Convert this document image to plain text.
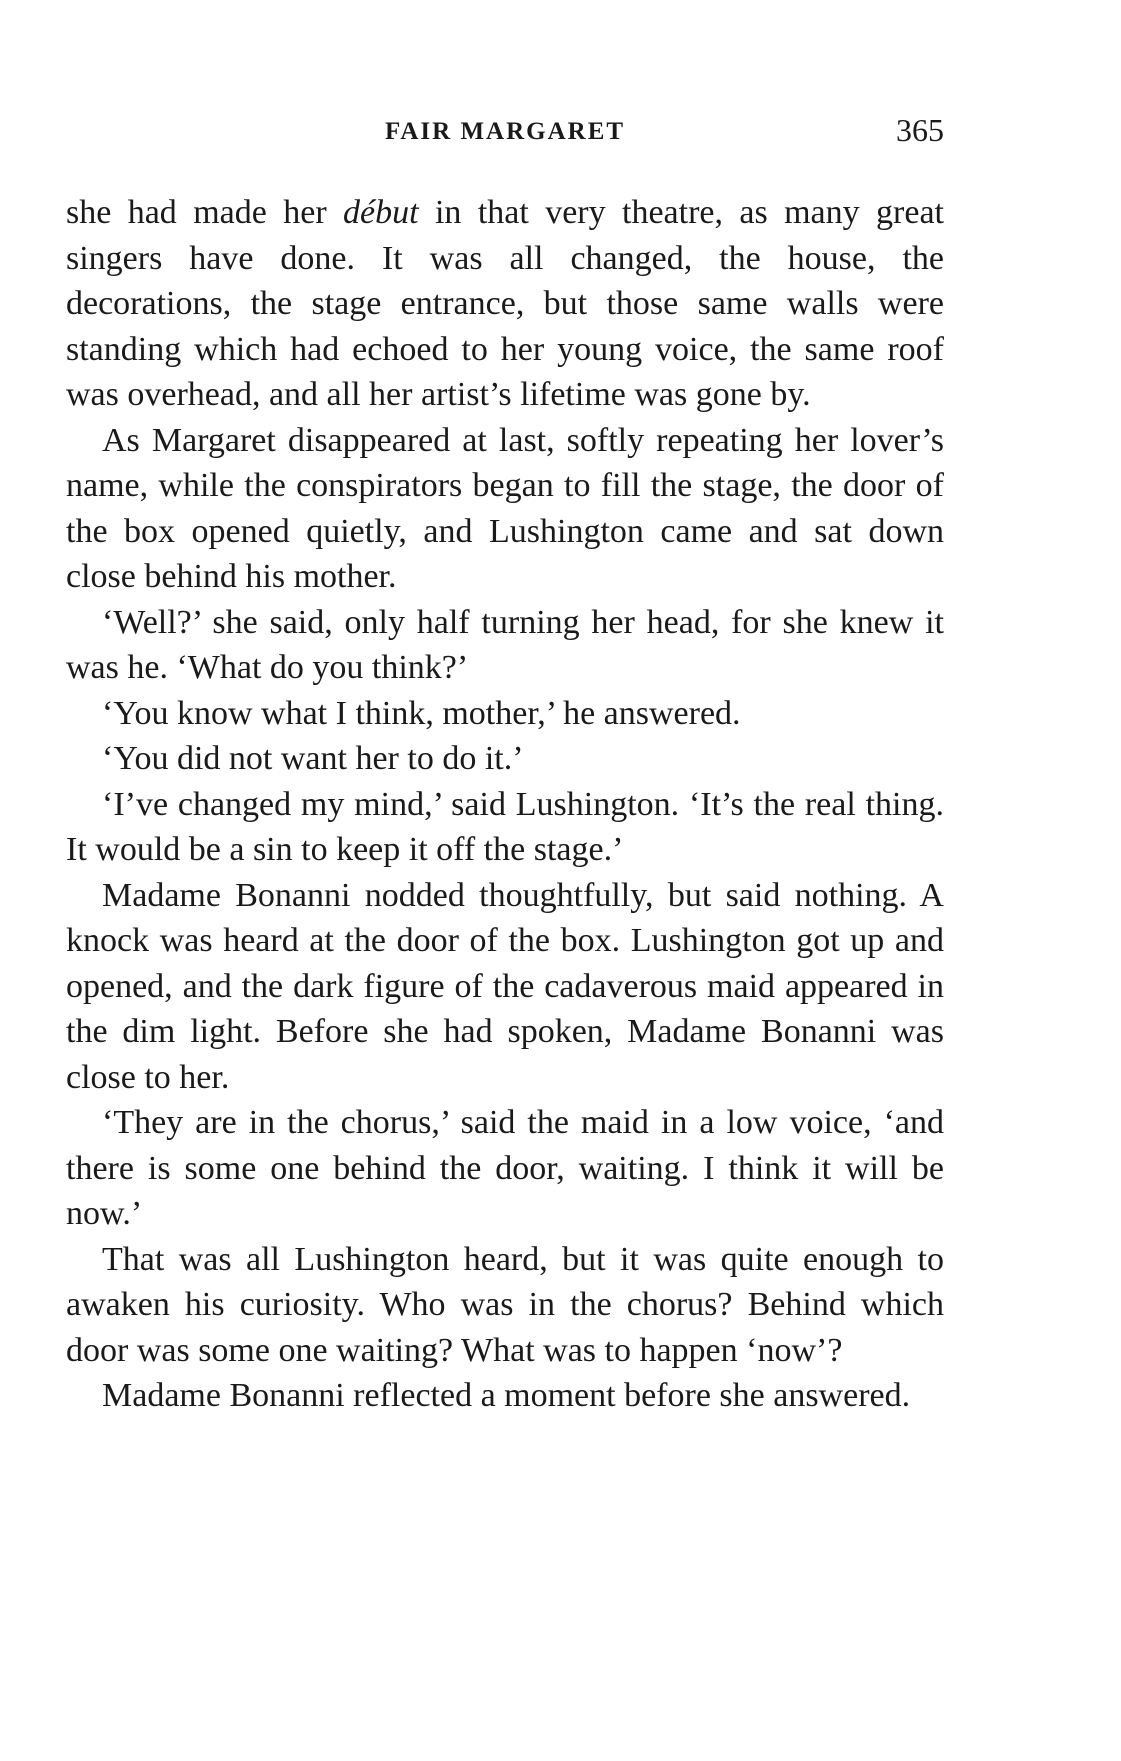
FAIR MARGARET	365

she had made her début in that very theatre, as many great singers have done. It was all changed, the house, the decorations, the stage entrance, but those same walls were standing which had echoed to her young voice, the same roof was overhead, and all her artist’s lifetime was gone by.

As Margaret disappeared at last, softly repeating her lover’s name, while the conspirators began to fill the stage, the door of the box opened quietly, and Lushington came and sat down close behind his mother.

‘Well?’ she said, only half turning her head, for she knew it was he. ‘What do you think?’

‘You know what I think, mother,’ he answered.

‘You did not want her to do it.’

‘I’ve changed my mind,’ said Lushington. ‘It’s the real thing. It would be a sin to keep it off the stage.’

Madame Bonanni nodded thoughtfully, but said nothing. A knock was heard at the door of the box. Lushington got up and opened, and the dark figure of the cadaverous maid appeared in the dim light. Before she had spoken, Madame Bonanni was close to her.

‘They are in the chorus,’ said the maid in a low voice, ‘and there is some one behind the door, waiting. I think it will be now.’

That was all Lushington heard, but it was quite enough to awaken his curiosity. Who was in the chorus? Behind which door was some one waiting? What was to happen ‘now’?

Madame Bonanni reflected a moment before she answered.
